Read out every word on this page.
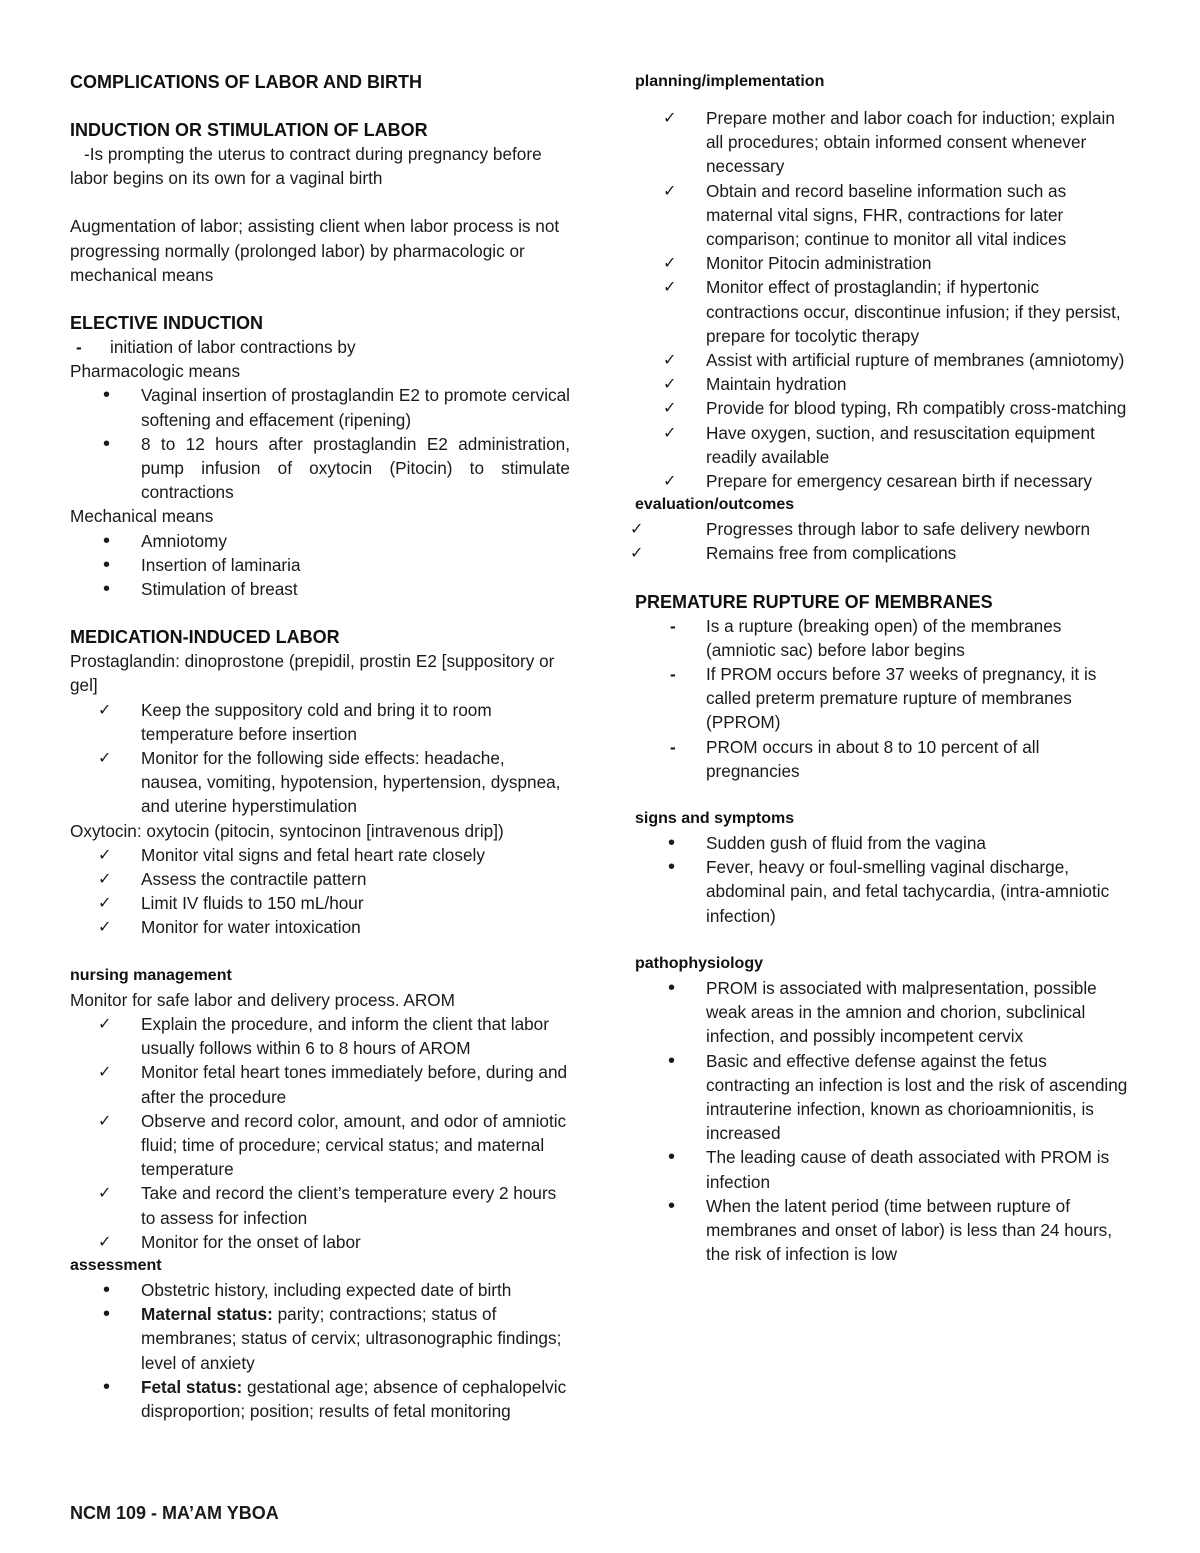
COMPLICATIONS OF LABOR AND BIRTH
INDUCTION OR STIMULATION OF LABOR

-Is prompting the uterus to contract during pregnancy before labor begins on its own for a vaginal birth

Augmentation of labor; assisting client when labor process is not progressing normally (prolonged labor) by pharmacologic or mechanical means

ELECTIVE INDUCTION

- initiation of labor contractions by

Pharmacologic means

• Vaginal insertion of prostaglandin E2 to promote cervical softening and effacement (ripening)
• 8 to 12 hours after prostaglandin E2 administration, pump infusion of oxytocin (Pitocin) to stimulate contractions

Mechanical means

• Amniotomy
• Insertion of laminaria
• Stimulation of breast
MEDICATION-INDUCED LABOR

Prostaglandin: dinoprostone (prepidil, prostin E2 [suppository or gel]

✓ Keep the suppository cold and bring it to room temperature before insertion
✓ Monitor for the following side effects: headache, nausea, vomiting, hypotension, hypertension, dyspnea, and uterine hyperstimulation

Oxytocin: oxytocin (pitocin, syntocinon [intravenous drip])

✓ Monitor vital signs and fetal heart rate closely
✓ Assess the contractile pattern
✓ Limit IV fluids to 150 mL/hour
✓ Monitor for water intoxication
nursing management

Monitor for safe labor and delivery process. AROM

✓ Explain the procedure, and inform the client that labor usually follows within 6 to 8 hours of AROM
✓ Monitor fetal heart tones immediately before, during and after the procedure
✓ Observe and record color, amount, and odor of amniotic fluid; time of procedure; cervical status; and maternal temperature
✓ Take and record the client’s temperature every 2 hours to assess for infection
✓ Monitor for the onset of labor
assessment
• Obstetric history, including expected date of birth
• Maternal status: parity; contractions; status of membranes; status of cervix; ultrasonographic findings; level of anxiety
• Fetal status: gestational age; absence of cephalopelvic disproportion; position; results of fetal monitoring
NCM 109 - MA’AM YBOA
planning/implementation
✓ Prepare mother and labor coach for induction; explain all procedures; obtain informed consent whenever necessary
✓ Obtain and record baseline information such as maternal vital signs, FHR, contractions for later comparison; continue to monitor all vital indices
✓ Monitor Pitocin administration
✓ Monitor effect of prostaglandin; if hypertonic contractions occur, discontinue infusion; if they persist, prepare for tocolytic therapy
✓ Assist with artificial rupture of membranes (amniotomy)
✓ Maintain hydration
✓ Provide for blood typing, Rh compatibly cross-matching
✓ Have oxygen, suction, and resuscitation equipment readily available
✓ Prepare for emergency cesarean birth if necessary
evaluation/outcomes
✓ Progresses through labor to safe delivery newborn
✓ Remains free from complications
PREMATURE RUPTURE OF MEMBRANES
- Is a rupture (breaking open) of the membranes (amniotic sac) before labor begins
- If PROM occurs before 37 weeks of pregnancy, it is called preterm premature rupture of membranes (PPROM)
- PROM occurs in about 8 to 10 percent of all pregnancies
signs and symptoms
• Sudden gush of fluid from the vagina
• Fever, heavy or foul-smelling vaginal discharge, abdominal pain, and fetal tachycardia, (intra-amniotic infection)
pathophysiology
• PROM is associated with malpresentation, possible weak areas in the amnion and chorion, subclinical infection, and possibly incompetent cervix
• Basic and effective defense against the fetus contracting an infection is lost and the risk of ascending intrauterine infection, known as chorioamnionitis, is increased
• The leading cause of death associated with PROM is infection
• When the latent period (time between rupture of membranes and onset of labor) is less than 24 hours, the risk of infection is low
